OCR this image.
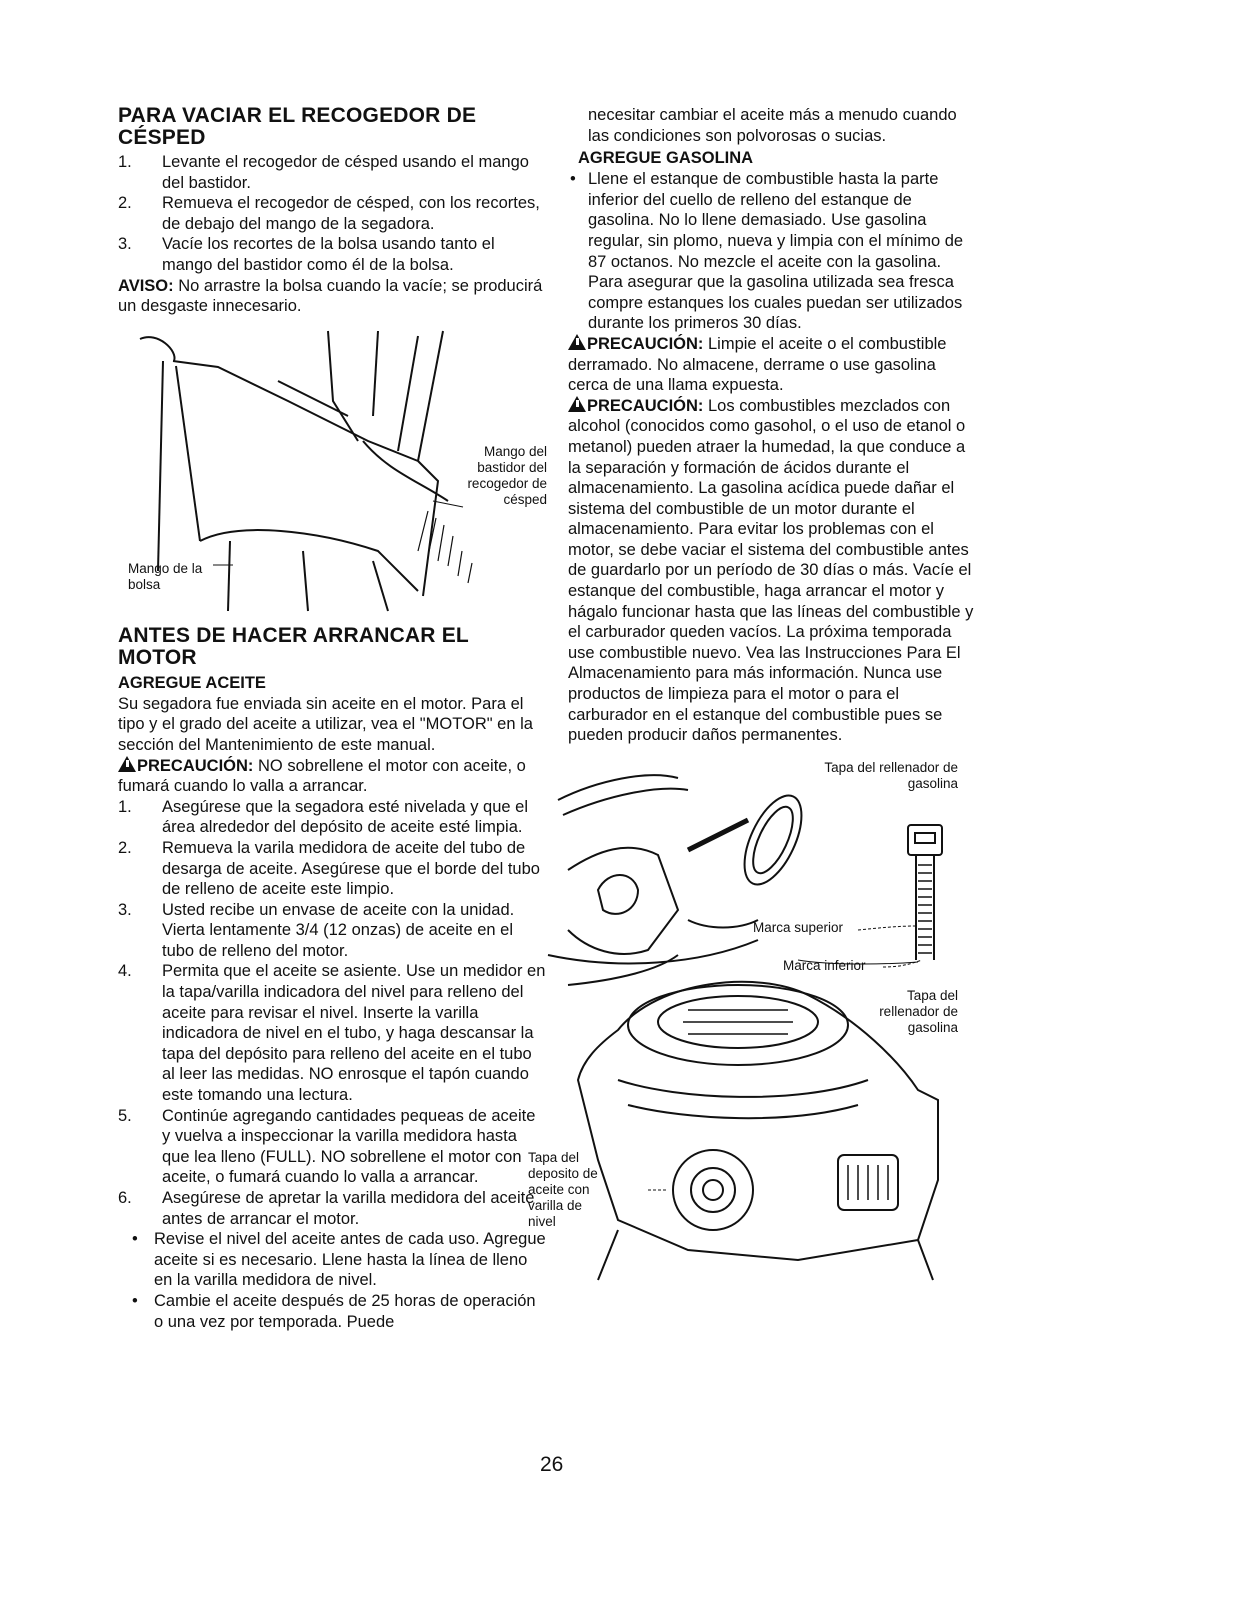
PARA VACIAR EL RECOGEDOR DE CÉSPED
1.	Levante el recogedor de césped usando el mango del bastidor.
2.	Remueva el recogedor de césped, con los recortes, de debajo del mango de la segadora.
3.	Vacíe los recortes de la bolsa usando tanto el mango del bastidor como él de la bolsa.

AVISO: No arrastre la bolsa cuando la vacíe; se producirá un desgaste innecesario.

Mango del bastidor del recogedor de césped
Mango de la bolsa
ANTES DE HACER ARRANCAR EL MOTOR
AGREGUE ACEITE

Su segadora fue enviada sin aceite en el motor. Para el tipo y el grado del aceite a utilizar, vea el "MOTOR" en la sección del Mantenimiento de este manual.

PRECAUCIÓN: NO sobrellene el motor con aceite, o fumará cuando lo valla a arrancar.

1.	Asegúrese que la segadora esté nivelada y que el área alrededor del depósito de aceite esté limpia.
2.	Remueva la varila medidora de aceite del tubo de desarga de aceite. Asegúrese que el borde del tubo de relleno de aceite este limpio.
3.	Usted recibe un envase de aceite con la unidad. Vierta lentamente 3/4 (12 onzas) de aceite en el tubo de relleno del motor.
4.	Permita que el aceite se asiente. Use un medidor en la tapa/varilla indicadora del nivel para relleno del aceite para revisar el nivel. Inserte la varilla indicadora de nivel en el tubo, y haga descansar la tapa del depósito para relleno del aceite en el tubo al leer las medidas. NO enrosque el tapón cuando este tomando una lectura.
5.	Continúe agregando cantidades pequeas de aceite y vuelva a inspeccionar la varilla medidora hasta que lea lleno (FULL). NO sobrellene el motor con aceite, o fumará cuando lo valla a arrancar.
6.	Asegúrese de apretar la varilla medidora del aceite antes de arrancar el motor.
• Revise el nivel del aceite antes de cada uso. Agregue aceite si es necesario. Llene hasta la línea de lleno en la varilla medidora de nivel.
• Cambie el aceite después de 25 horas de operación o una vez por temporada. Puede
26

necesitar cambiar el aceite más a menudo cuando las condiciones son polvorosas o sucias.

AGREGUE GASOLINA
• Llene el estanque de combustible hasta la parte inferior del cuello de relleno del estanque de gasolina. No lo llene demasiado. Use gasolina regular, sin plomo, nueva y limpia con el mínimo de 87 octanos. No mezcle el aceite con la gasolina. Para asegurar que la gasolina utilizada sea fresca compre estanques los cuales puedan ser utilizados durante los primeros 30 días.

PRECAUCIÓN: Limpie el aceite o el combustible derramado. No almacene, derrame o use gasolina cerca de una llama expuesta.

PRECAUCIÓN: Los combustibles mezclados con alcohol (conocidos como gasohol, o el uso de etanol o metanol) pueden atraer la humedad, la que conduce a la separación y formación de ácidos durante el almacenamiento. La gasolina acídica puede dañar el sistema del combustible de un motor durante el almacenamiento. Para evitar los problemas con el motor, se debe vaciar el sistema del combustible antes de guardarlo por un período de 30 días o más. Vacíe el estanque del combustible, haga arrancar el motor y hágalo funcionar hasta que las líneas del combustible y el carburador queden vacíos. La próxima temporada use combustible nuevo. Vea las Instrucciones Para El Almacenamiento para más información. Nunca use productos de limpieza para el motor o para el carburador en el estanque del combustible pues se pueden producir daños permanentes.

Tapa del rellenador de gasolina
Marca superior
Marca inferior
Tapa del rellenador de gasolina
Tapa del deposito de aceite con varilla de nivel
